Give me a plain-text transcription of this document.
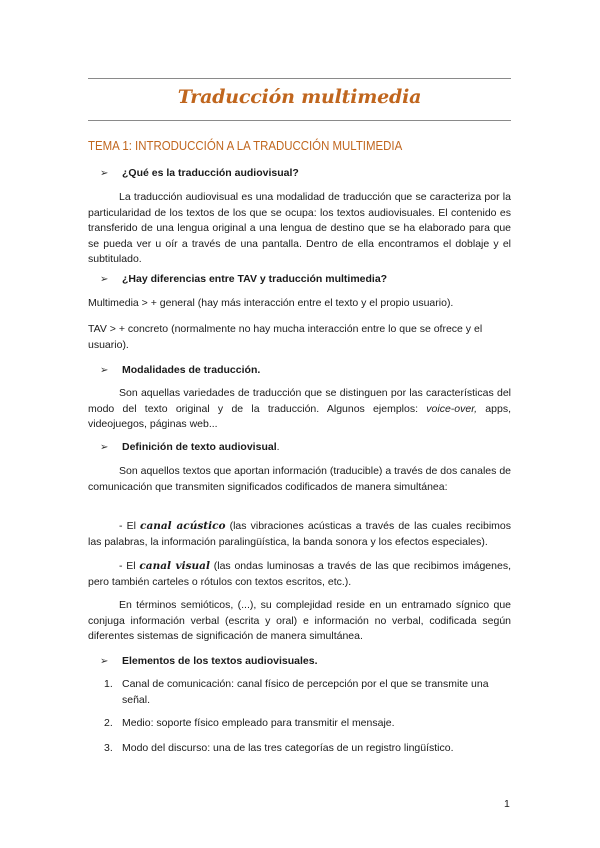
Traducción multimedia
TEMA 1: INTRODUCCIÓN A LA TRADUCCIÓN MULTIMEDIA
➢ ¿Qué es la traducción audiovisual?

La traducción audiovisual es una modalidad de traducción que se caracteriza por la particularidad de los textos de los que se ocupa: los textos audiovisuales. El contenido es transferido de una lengua original a una lengua de destino que se ha elaborado para que se pueda ver u oír a través de una pantalla. Dentro de ella encontramos el doblaje y el subtitulado.

➢ ¿Hay diferencias entre TAV y traducción multimedia?

Multimedia > + general (hay más interacción entre el texto y el propio usuario).

TAV > + concreto (normalmente no hay mucha interacción entre lo que se ofrece y el usuario).

➢ Modalidades de traducción.

Son aquellas variedades de traducción que se distinguen por las características del modo del texto original y de la traducción. Algunos ejemplos: voice-over, apps, videojuegos, páginas web...

➢ Definición de texto audiovisual.

Son aquellos textos que aportan información (traducible) a través de dos canales de comunicación que transmiten significados codificados de manera simultánea:

- El canal acústico (las vibraciones acústicas a través de las cuales recibimos las palabras, la información paralingüística, la banda sonora y los efectos especiales).

- El canal visual (las ondas luminosas a través de las que recibimos imágenes, pero también carteles o rótulos con textos escritos, etc.).

En términos semióticos, (...), su complejidad reside en un entramado sígnico que conjuga información verbal (escrita y oral) e información no verbal, codificada según diferentes sistemas de significación de manera simultánea.

➢ Elementos de los textos audiovisuales.
1. Canal de comunicación: canal físico de percepción por el que se transmite una señal.
2. Medio: soporte físico empleado para transmitir el mensaje.
3. Modo del discurso: una de las tres categorías de un registro lingüístico.
1
